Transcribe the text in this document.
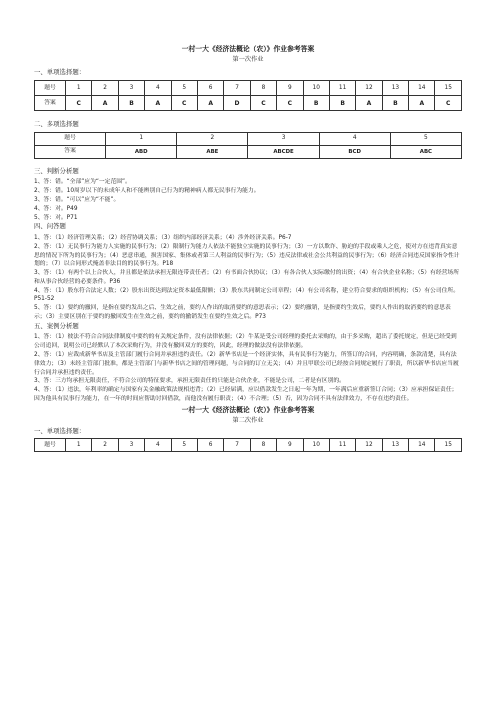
一村一大《经济法概论（农）》作业参考答案
第一次作业
一、单项选择题：
题号	1	2	3	4	5	6	7	8	9	10	11	12	13	14	15
答案	C	A	B	A	C	A	D	C	C	B	B	A	B	A	C
二、多项选择题
题号	1	2	3	4	5
答案	ABD	ABE	ABCDE	BCD	ABC
三、判断分析题

1、答：错。“全部”应为“一定范围”。

2、答：错。10周岁以下的未成年人和不能辨别自己行为的精神病人都无民事行为能力。

3、答：错。“可以”应为“不能”。

4、答：对。P49

5、答：对。P71

四、问答题

1、答：（1）经济管理关系；（2）经营协调关系；（3）组织内部经济关系；（4）涉外经济关系。P6-7

2、答：（1）无民事行为能力人实施的民事行为；（2）限制行为能力人依法不能独立实施的民事行为；（3）一方以欺诈、胁迫的手段或乘人之危，使对方在违背真实意思的情况下所为的民事行为；（4）恶意串通，损害国家、集体或者第三人利益的民事行为；（5）违反法律或社会公共利益的民事行为；（6）经济合同违反国家指令性计划的；（7）以合同形式掩盖非法目的的民事行为。P18

3、答：（1）有两个以上合伙人，并且都是依法承担无限连带责任者；（2）有书面合伙协议；（3）有各合伙人实际缴付的出资；（4）有合伙企业名称；（5）有经营场所和从事合伙经营的必要条件。P36

4、答：（1）股东符合法定人数；（2）股东出资达到法定资本最低限额；（3）股东共同制定公司章程；（4）有公司名称，建立符合要求的组织机构；（5）有公司住所。P51-52

5、答：（1）要约的撤回，是指在要约发出之后、生效之前，要约人作出的取消要约的意思表示；（2）要约撤销，是指要约生效后，要约人作出的取消要约的意思表示；（3）主要区别在于要约的撤回发生在生效之前，要约的撤销发生在要约生效之后。P73

五、案例分析题

1、答：（1）彼法不符合合同法律制度中要约的有关规定条件，没有法律依据；（2）牛某是受公司经理的委托去采购的，由于多采购，超出了委托规定，但是已经受到公司追回，说明公司已经默认了本次采购行为，并没有撤回双方的要约，因此，经理的做法没有法律依据。

2、答：（1）应裁成新华书店及主管部门履行合同并承担违约责任。（2）新华书店是一个经济实体，具有民事行为能力，所签订的合同，内容明确，条款清楚，具有法律效力；（3）未经主管部门批准，都是主管部门与新华书店之间的管理问题，与合同的订立无关；（4）并且甲联公司已经按合同规定履行了职责，所以新华书店应当履行合同并承担违约责任。

3、答：三方均承担无限责任，不符合公司的特征要求，承担无限责任的只能是合伙企业，不能是公司，二者是有区别的。

4、答：（1）违法，年利率的确定与国家有关金融政策法规相违背；（2）已经届满，应以借款发生之日起一年为期，一年满后应重新签订合同；（3）应承担保证责任；因为他具有民事行为能力，在一年的时间应帮助讨回借款，而他没有履行职责；（4）不合理；（5）否，因为合同不具有法律效力，不存在违约责任。

一村一大《经济法概论（农）》作业参考答案
第二次作业
一、单项选择题：
题号	1	2	3	4	5	6	7	8	9	10	11	12	13	14	15
